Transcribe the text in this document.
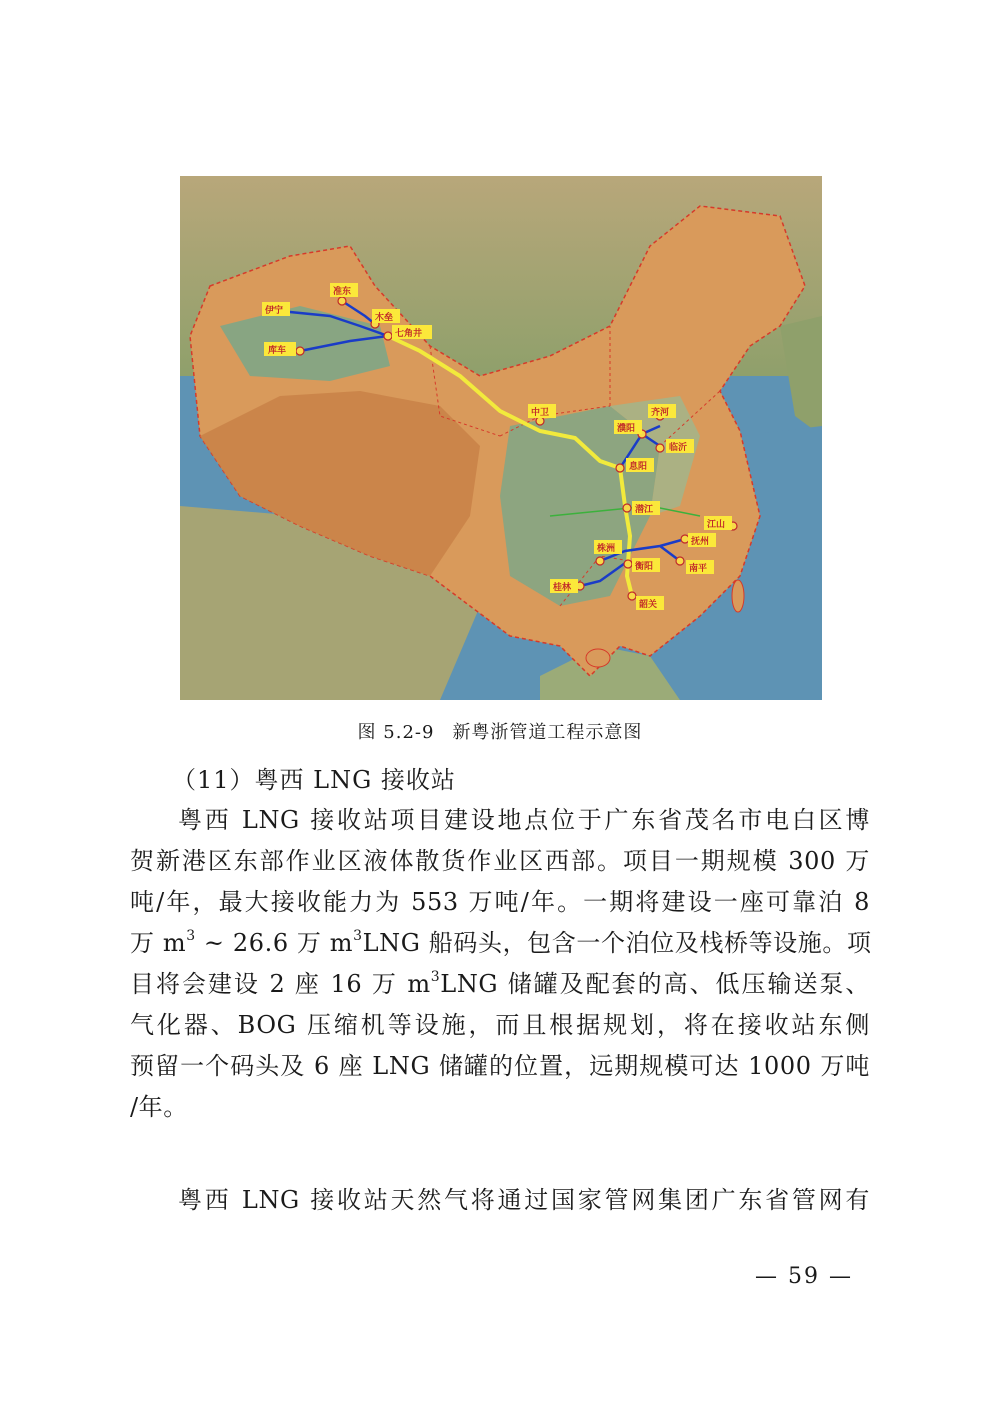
伊宁
准东
木垒
七角井
库车
中卫	齐河
濮阳
临沂
息阳
潜江
江山
株洲
抚州
衡阳	南平
桂林
韶关
图 5.2-9 新粤浙管道工程示意图
（11）粤西 LNG 接收站
粤西 LNG 接收站项目建设地点位于广东省茂名市电白区博
贺新港区东部作业区液体散货作业区西部。项目一期规模 300 万
吨/年，最大接收能力为 553 万吨/年。一期将建设一座可靠泊 8
万 $m^3$ ~ 26.6 万 $m^3LNG$ 船码头，包含一个泊位及栈桥等设施。项
目将会建设 2 座 16 万 $m^3LNG$ 储罐及配套的高、低压输送泵、
气化器、BOG 压缩机等设施，而且根据规划，将在接收站东侧
预留一个码头及 6 座 LNG 储罐的位置，远期规模可达 1000 万吨
/年。
粤西 LNG 接收站天然气将通过国家管网集团广东省管网有
— 59 —
